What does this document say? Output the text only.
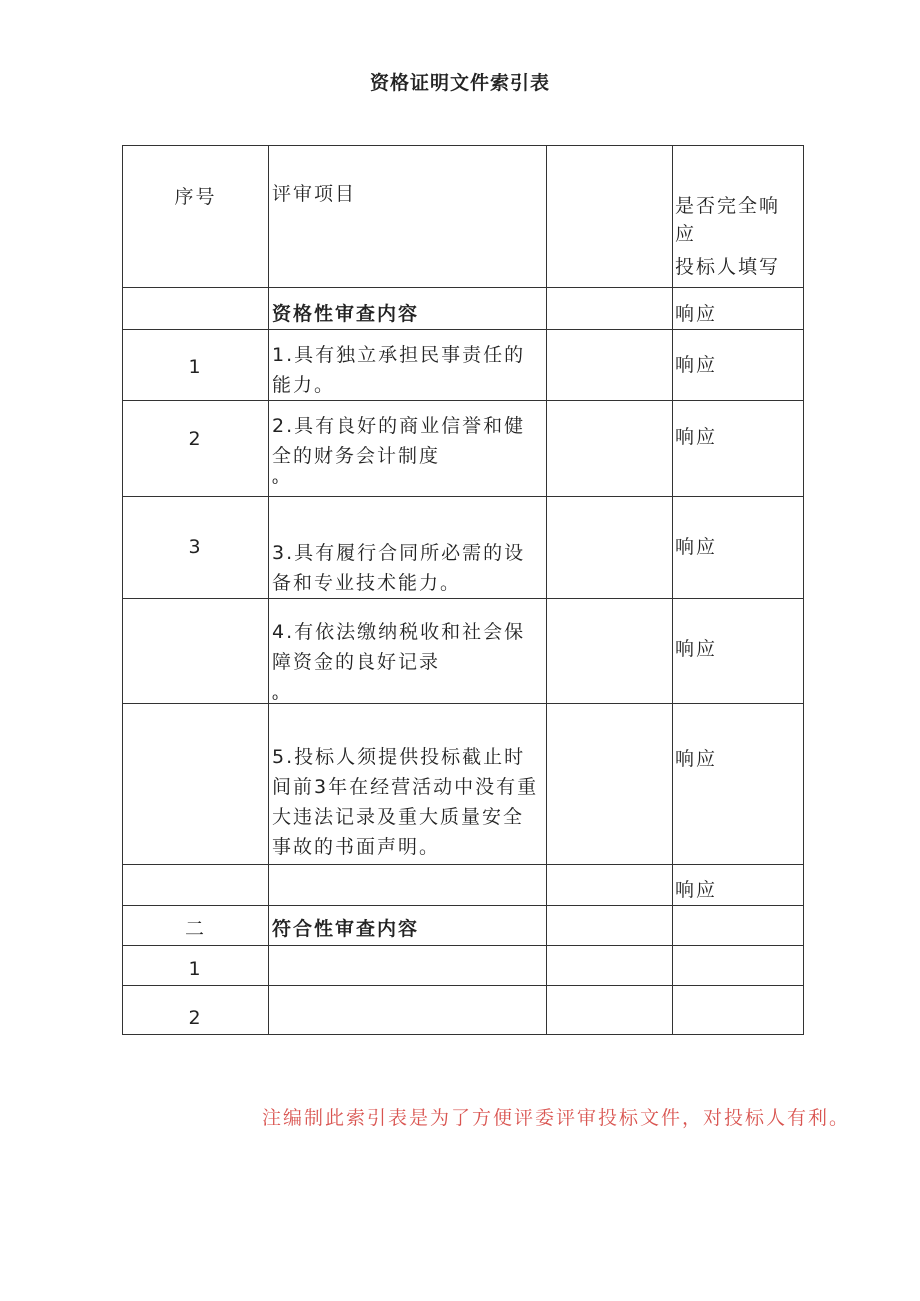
资格证明文件索引表
序号	评审项目		是否完全响
应
投标人填写

	资格性审查内容		响应

1	1.具有独立承担民事责任的
能力。		响应

2	2.具有良好的商业信誉和健
全的财务会计制度
o		响应

3	3.具有履行合同所必需的设
备和专业技术能力。		响应

	4.有依法缴纳税收和社会保
障资金的良好记录
o		响应

	5.投标人须提供投标截止时
间前3年在经营活动中没有重
大违法记录及重大质量安全
事故的书面声明。		响应

			响应

二	符合性审查内容		

1			

2			

注编制此索引表是为了方便评委评审投标文件，对投标人有利。
